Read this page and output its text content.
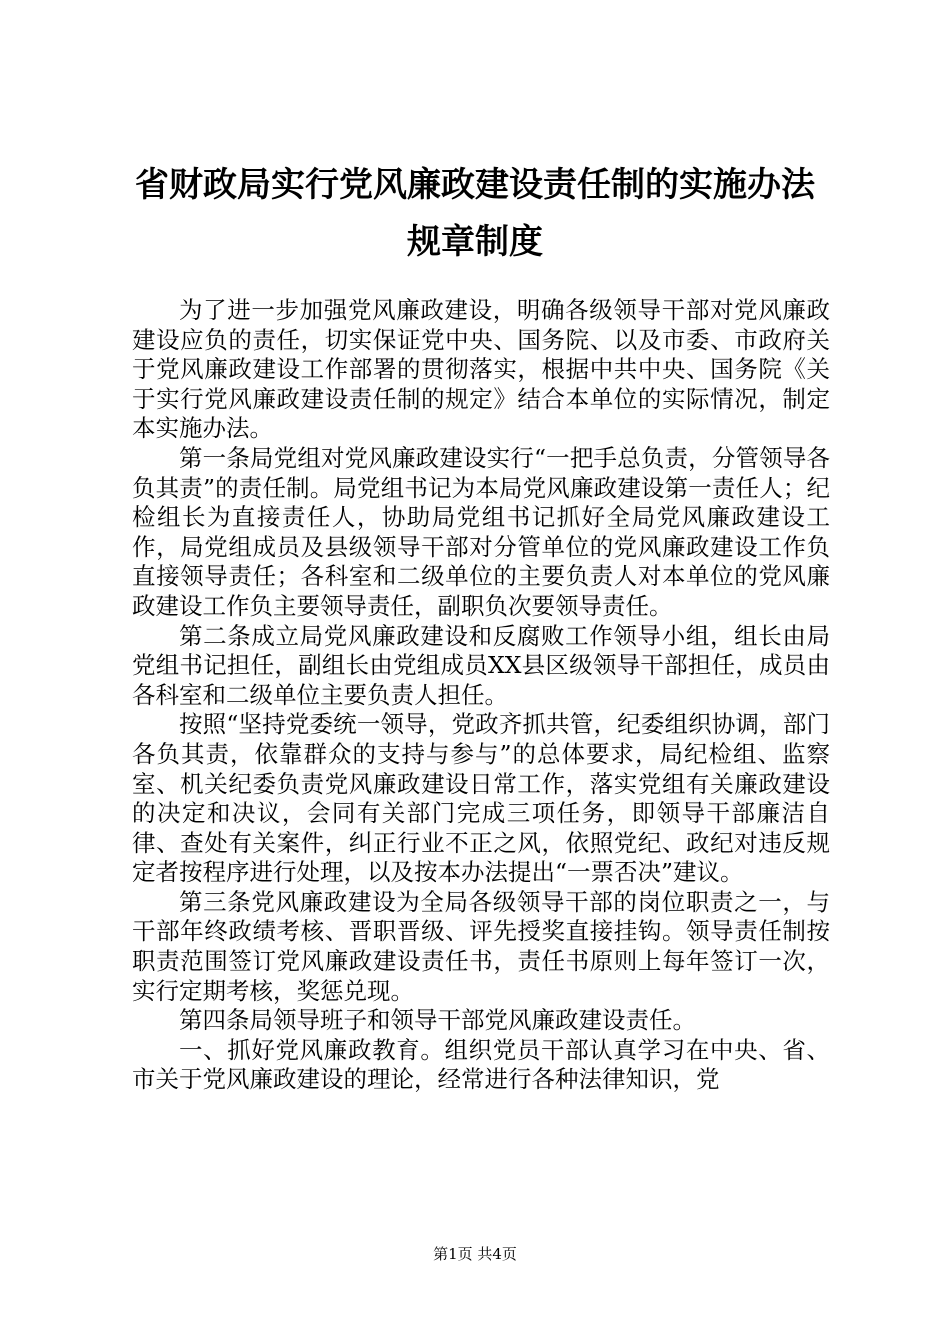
省财政局实行党风廉政建设责任制的实施办法
规章制度

为了进一步加强党风廉政建设，明确各级领导干部对党风廉政建设应负的责任，切实保证党中央、国务院、以及市委、市政府关于党风廉政建设工作部署的贯彻落实，根据中共中央、国务院《关于实行党风廉政建设责任制的规定》结合本单位的实际情况，制定本实施办法。

第一条局党组对党风廉政建设实行“一把手总负责，分管领导各负其责”的责任制。局党组书记为本局党风廉政建设第一责任人；纪检组长为直接责任人，协助局党组书记抓好全局党风廉政建设工作，局党组成员及县级领导干部对分管单位的党风廉政建设工作负直接领导责任；各科室和二级单位的主要负责人对本单位的党风廉政建设工作负主要领导责任，副职负次要领导责任。

第二条成立局党风廉政建设和反腐败工作领导小组，组长由局党组书记担任，副组长由党组成员XX县区级领导干部担任，成员由各科室和二级单位主要负责人担任。

按照“坚持党委统一领导，党政齐抓共管，纪委组织协调，部门各负其责，依靠群众的支持与参与”的总体要求，局纪检组、监察室、机关纪委负责党风廉政建设日常工作，落实党组有关廉政建设的决定和决议，会同有关部门完成三项任务，即领导干部廉洁自律、查处有关案件，纠正行业不正之风，依照党纪、政纪对违反规定者按程序进行处理，以及按本办法提出“一票否决”建议。

第三条党风廉政建设为全局各级领导干部的岗位职责之一，与干部年终政绩考核、晋职晋级、评先授奖直接挂钩。领导责任制按职责范围签订党风廉政建设责任书，责任书原则上每年签订一次，实行定期考核，奖惩兑现。

第四条局领导班子和领导干部党风廉政建设责任。

一、抓好党风廉政教育。组织党员干部认真学习在中央、省、市关于党风廉政建设的理论，经常进行各种法律知识，党

第1页 共4页
